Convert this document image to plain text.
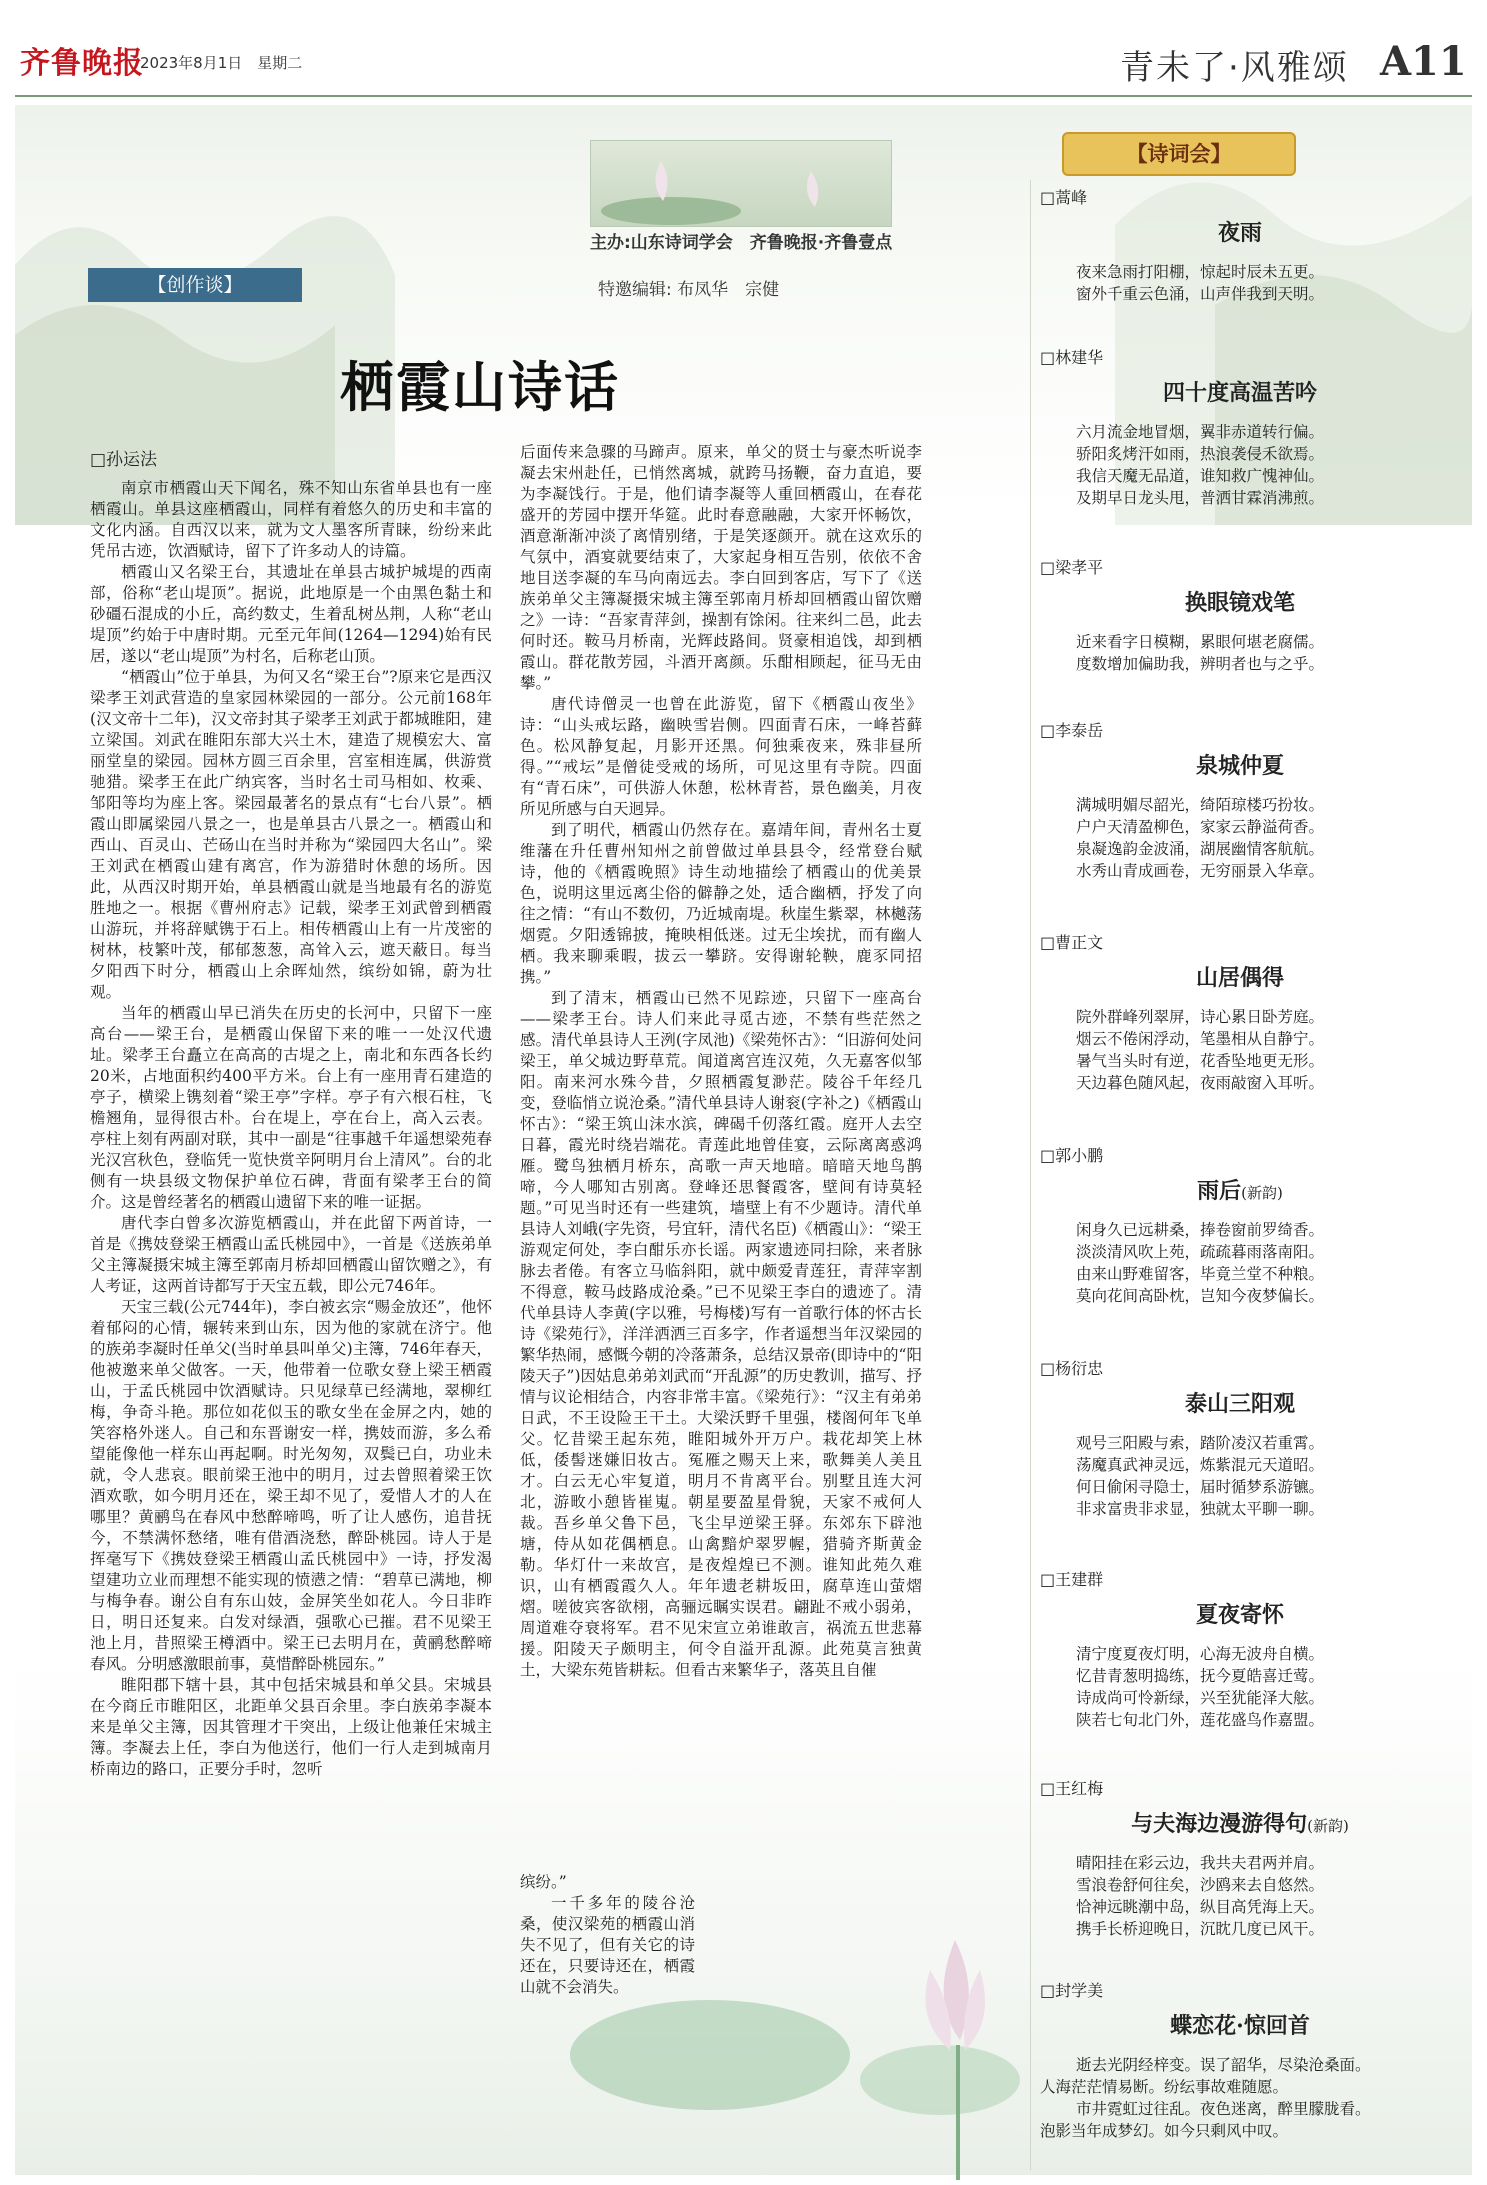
齐鲁晚报
2023年8月1日　星期二	青未了·风雅颂 A11
主办:山东诗词学会　齐鲁晚报·齐鲁壹点
特邀编辑: 布凤华　宗健
【创作谈】
栖霞山诗话
□孙运法

南京市栖霞山天下闻名，殊不知山东省单县也有一座栖霞山。单县这座栖霞山，同样有着悠久的历史和丰富的文化内涵。自西汉以来，就为文人墨客所青睐，纷纷来此凭吊古迹，饮酒赋诗，留下了许多动人的诗篇。

栖霞山又名梁王台，其遗址在单县古城护城堤的西南部，俗称“老山堤顶”。据说，此地原是一个由黑色黏土和砂礓石混成的小丘，高约数丈，生着乱树丛荆，人称“老山堤顶”约始于中唐时期。元至元年间(1264—1294)始有民居，遂以“老山堤顶”为村名，后称老山顶。

“栖霞山”位于单县，为何又名“梁王台”?原来它是西汉梁孝王刘武营造的皇家园林梁园的一部分。公元前168年(汉文帝十二年)，汉文帝封其子梁孝王刘武于都城睢阳，建立梁国。刘武在睢阳东部大兴土木，建造了规模宏大、富丽堂皇的梁园。园林方圆三百余里，宫室相连属，供游赏驰猎。梁孝王在此广纳宾客，当时名士司马相如、枚乘、邹阳等均为座上客。梁园最著名的景点有“七台八景”。栖霞山即属梁园八景之一，也是单县古八景之一。栖霞山和西山、百灵山、芒砀山在当时并称为“梁园四大名山”。梁王刘武在栖霞山建有离宫，作为游猎时休憩的场所。因此，从西汉时期开始，单县栖霞山就是当地最有名的游览胜地之一。根据《曹州府志》记载，梁孝王刘武曾到栖霞山游玩，并将辞赋镌于石上。相传栖霞山上有一片茂密的树林，枝繁叶茂，郁郁葱葱，高耸入云，遮天蔽日。每当夕阳西下时分，栖霞山上余晖灿然，缤纷如锦，蔚为壮观。

当年的栖霞山早已消失在历史的长河中，只留下一座高台——梁王台，是栖霞山保留下来的唯一一处汉代遗址。梁孝王台矗立在高高的古堤之上，南北和东西各长约20米，占地面积约400平方米。台上有一座用青石建造的亭子，横梁上镌刻着“梁王亭”字样。亭子有六根石柱，飞檐翘角，显得很古朴。台在堤上，亭在台上，高入云表。亭柱上刻有两副对联，其中一副是“往事越千年遥想梁苑春光汉宫秋色，登临凭一览快赏辛阿明月台上清风”。台的北侧有一块县级文物保护单位石碑，背面有梁孝王台的简介。这是曾经著名的栖霞山遗留下来的唯一证据。

唐代李白曾多次游览栖霞山，并在此留下两首诗，一首是《携妓登梁王栖霞山孟氏桃园中》，一首是《送族弟单父主簿凝摄宋城主簿至郭南月桥却回栖霞山留饮赠之》，有人考证，这两首诗都写于天宝五载，即公元746年。

天宝三载(公元744年)，李白被玄宗“赐金放还”，他怀着郁闷的心情，辗转来到山东，因为他的家就在济宁。他的族弟李凝时任单父(当时单县叫单父)主簿，746年春天，他被邀来单父做客。一天，他带着一位歌女登上梁王栖霞山，于孟氏桃园中饮酒赋诗。只见绿草已经满地，翠柳红梅，争奇斗艳。那位如花似玉的歌女坐在金屏之内，她的笑容格外迷人。自己和东晋谢安一样，携妓而游，多么希望能像他一样东山再起啊。时光匆匆，双鬓已白，功业未就，令人悲哀。眼前梁王池中的明月，过去曾照着梁王饮酒欢歌，如今明月还在，梁王却不见了，爱惜人才的人在哪里？黄鹂鸟在春风中愁醉啼鸣，听了让人感伤，追昔抚今，不禁满怀愁绪，唯有借酒浇愁，醉卧桃园。诗人于是挥毫写下《携妓登梁王栖霞山孟氏桃园中》一诗，抒发渴望建功立业而理想不能实现的愤懑之情：“碧草已满地，柳与梅争春。谢公自有东山妓，金屏笑坐如花人。今日非昨日，明日还复来。白发对绿酒，强歌心已摧。君不见梁王池上月，昔照梁王樽酒中。梁王已去明月在，黄鹂愁醉啼春风。分明感激眼前事，莫惜醉卧桃园东。”

睢阳郡下辖十县，其中包括宋城县和单父县。宋城县在今商丘市睢阳区，北距单父县百余里。李白族弟李凝本来是单父主簿，因其管理才干突出，上级让他兼任宋城主簿。李凝去上任，李白为他送行，他们一行人走到城南月桥南边的路口，正要分手时，忽听

后面传来急骤的马蹄声。原来，单父的贤士与豪杰听说李凝去宋州赴任，已悄然离城，就跨马扬鞭，奋力直追，要为李凝饯行。于是，他们请李凝等人重回栖霞山，在春花盛开的芳园中摆开华筵。此时春意融融，大家开怀畅饮，酒意渐渐冲淡了离情别绪，于是笑逐颜开。就在这欢乐的气氛中，酒宴就要结束了，大家起身相互告别，依依不舍地目送李凝的车马向南远去。李白回到客店，写下了《送族弟单父主簿凝摄宋城主簿至郭南月桥却回栖霞山留饮赠之》一诗：“吾家青萍剑，操割有馀闲。往来纠二邑，此去何时还。鞍马月桥南，光辉歧路间。贤豪相追饯，却到栖霞山。群花散芳园，斗酒开离颜。乐酣相顾起，征马无由攀。”

唐代诗僧灵一也曾在此游览，留下《栖霞山夜坐》诗：“山头戒坛路，幽映雪岩侧。四面青石床，一峰苔藓色。松风静复起，月影开还黑。何独乘夜来，殊非昼所得。”“戒坛”是僧徒受戒的场所，可见这里有寺院。四面有“青石床”，可供游人休憩，松林青苔，景色幽美，月夜所见所感与白天迥异。

到了明代，栖霞山仍然存在。嘉靖年间，青州名士夏维藩在升任曹州知州之前曾做过单县县令，经常登台赋诗，他的《栖霞晚照》诗生动地描绘了栖霞山的优美景色，说明这里远离尘俗的僻静之处，适合幽栖，抒发了向往之情：“有山不数仞，乃近城南堤。秋崖生紫翠，林樾荡烟霓。夕阳透锦披，掩映相低迷。过无尘埃扰，而有幽人栖。我来聊乘暇，拔云一攀跻。安得谢轮鞅，鹿豕同招携。”

到了清末，栖霞山已然不见踪迹，只留下一座高台——梁孝王台。诗人们来此寻觅古迹，不禁有些茫然之感。清代单县诗人王洌(字凤池)《梁苑怀古》：“旧游何处问梁王，单父城边野草荒。闻道离宫连汉苑，久无嘉客似邹阳。南来河水殊今昔，夕照栖霞复渺茫。陵谷千年经几变，登临悄立说沧桑。”清代单县诗人谢衮(字补之)《栖霞山怀古》：“梁王筑山沫水滨，碑碣千仞落红霞。庭开人去空日暮，霞光时绕岩端花。青莲此地曾佳宴，云际离离惑鸿雁。鹭鸟独栖月桥东，高歌一声天地暗。暗暗天地鸟鹊啼，今人哪知古别离。登峰还思餐霞客，壁间有诗莫轻题。”可见当时还有一些建筑，墙壁上有不少题诗。清代单县诗人刘峨(字先资，号宜轩，清代名臣)《栖霞山》：“梁王游观定何处，李白酣乐亦长谣。两家遗迹同扫除，来者脉脉去者倦。有客立马临斜阳，就中颇爱青莲狂，青萍宰割不得意，鞍马歧路成沧桑。”已不见梁王李白的遗迹了。清代单县诗人李黄(字以雅，号梅楼)写有一首歌行体的怀古长诗《梁苑行》，洋洋洒洒三百多字，作者遥想当年汉梁园的繁华热闹，感慨今朝的冷落萧条，总结汉景帝(即诗中的“阳陵天子”)因姑息弟弟刘武而“开乱源”的历史教训，描写、抒情与议论相结合，内容非常丰富。《梁苑行》：“汉主有弟弟日武，不王设险王干土。大梁沃野千里强，楼阁何年飞单父。忆昔梁王起东苑，睢阳城外开万户。栽花却笑上林低，倭髻迷嫌旧妆古。冤雁之赐天上来，歌舞美人美且才。白云无心牢复道，明月不肯离平台。别墅且连大河北，游畋小憩皆崔嵬。朝星要盈星骨貌，天家不戒何人裁。吾乡单父鲁下邑，飞尘早逆梁王驿。东郊东下辟池塘，侍从如花偶栖息。山禽黯炉翠罗幄，猎骑齐斯黄金勒。华灯什一来故宫，是夜煌煌已不测。谁知此苑久难识，山有栖霞霞久人。年年遗老耕坂田，腐草连山萤熠熠。嗟彼宾客欲栩，高骊远瞩实误君。翩趾不戒小弱弟，周道难夺衰将军。君不见宋宣立弟谁敢言，祸流五世悲幕援。阳陵天子颇明主，何令自溢开乱源。此苑莫言独黄土，大梁东苑皆耕耘。但看古来繁华子，落英且自催

缤纷。”

一千多年的陵谷沧桑，使汉梁苑的栖霞山消失不见了，但有关它的诗还在，只要诗还在，栖霞山就不会消失。

【诗词会】
□蒿峰
夜雨
夜来急雨打阳棚，惊起时辰未五更。
窗外千重云色涌，山声伴我到天明。
□林建华
四十度高温苦吟
六月流金地冒烟，翼非赤道转行偏。
骄阳炙烤汗如雨，热浪袭侵禾欲焉。
我信天魔无品道，谁知救广愧神仙。
及期早日龙头甩，普洒甘霖消沸煎。
□梁孝平
换眼镜戏笔
近来看字日模糊，累眼何堪老腐儒。
度数增加偏助我，辨明者也与之乎。
□李泰岳
泉城仲夏
满城明媚尽韶光，绮陌琼楼巧扮妆。
户户天清盈柳色，家家云静溢荷香。
泉凝逸韵金波涌，湖展幽情客航航。
水秀山青成画卷，无穷丽景入华章。
□曹正文
山居偶得
院外群峰列翠屏，诗心累日卧芳庭。
烟云不倦闲浮动，笔墨相从自静宁。
暑气当头时有逆，花香坠地更无形。
天边暮色随风起，夜雨敲窗入耳听。
□郭小鹏
雨后(新韵)
闲身久已远耕桑，捧卷窗前罗绮香。
淡淡清风吹上苑，疏疏暮雨落南阳。
由来山野难留客，毕竟兰堂不种粮。
莫向花间高卧枕，岂知今夜梦偏长。
□杨衍忠
泰山三阳观
观号三阳殿与索，踏阶凌汉若重霄。
荡魔真武神灵远，炼紫混元天道昭。
何日偷闲寻隐士，届时循梦系游镳。
非求富贵非求显，独就太平聊一聊。
□王建群
夏夜寄怀
清宁度夏夜灯明，心海无波舟自横。
忆昔青葱明捣练，抚今夏皓喜迁莺。
诗成尚可怜新绿，兴至犹能泽大舷。
陕若七旬北门外，莲花盛鸟作嘉盟。
□王红梅
与夫海边漫游得句(新韵)
晴阳挂在彩云边，我共夫君两并肩。
雪浪卷舒何往矣，沙鸥来去自悠然。
恰神远眺潮中岛，纵目高凭海上天。
携手长桥迎晚日，沉眈几度已风干。
□封学美
蝶恋花·惊回首
逝去光阴经梓变。误了韶华，尽染沧桑面。
人海茫茫情易断。纷纭事故难随愿。
市井霓虹过往乱。夜色迷离，醉里朦胧看。
泡影当年成梦幻。如今只剩风中叹。
